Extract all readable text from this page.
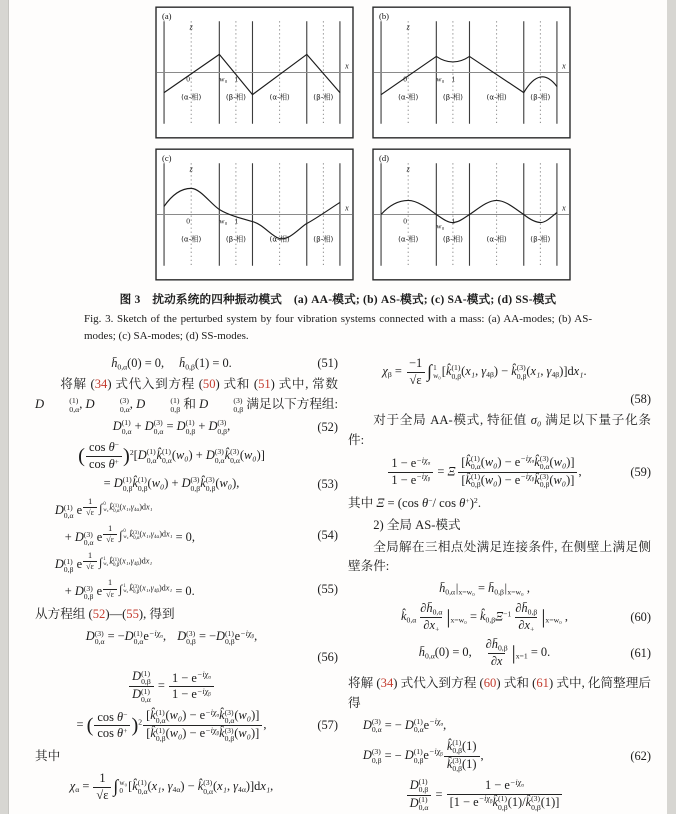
(a)
z
x
0	w₀ 1
(α-相)	(β-相)	(α-相)	(β-相)
(b)
z
x
0	w₀ 1
(α-相)	(β-相)	(α-相)	(β-相)
(c)
z
x
0	w₀ 1
(α-相)	(β-相)	(α-相)	(β-相)
(d)
z
x
0
w₀
1
(α-相)	(β-相)	(α-相)	(β-相)
图 3　扰动系统的四种振动模式　(a) AA-模式; (b) AS-模式; (c) SA-模式; (d) SS-模式
Fig. 3. Sketch of the perturbed system by four vibration systems connected with a mass: (a) AA-modes; (b) AS-modes; (c) SA-modes; (d) SS-modes.
h̄0,α(0) = 0, h̄0,β(1) = 0.	(51)
将解 (34) 式代入到方程 (50) 式和 (51) 式中, 常数 D	(1)
0,α , D	(3)
0,α , D	(1)
0,β 和 D	(3)
0,β 满足以下方程组:
D (1)
0,α + D (3)
0,α = D (1)
0,β + D (3)
0,β ,	(52)
( $\frac{\cos \theta^-}{\cos \theta^+} )^2[D$ (1)
0,α k̂ (1)
0,α (w₀) + D (3)
0,α k̂ (3)
0,α (w₀)]
= D (1)
0,β k̂ (1)
0,β (w₀) + D (3)
0,β k̂ (3)
0,β (w₀),	(53)
D (1)
0,α e $\frac{1}{√\varepsilon}$ ∫ 0
w₀ k̂ (1)
0,α (x₁,γ4α)dx₁
+ D (3)
0,α e $\frac{1}{√\varepsilon}$ ∫ 0
w₀ k̂ (3)
0,α (x₁,γ4α)dx₁ = 0,	(54)
D (1)
0,β e $\frac{1}{√\varepsilon}$ ∫ 1
w₀ k̂ (1)
0,β (x₁,γ4β)dx₁
+ D (3)
0,β e $\frac{1}{√\varepsilon}$ ∫ 1
w₀ k̂ (3)
0,β (x₁,γ4β)dx₁ = 0.	(55)
从方程组 (52)—(55), 得到
D (3)
0,α = −D (1)
0,α e−iχα, D (3)
0,β = −D (1)
0,β e−iχβ,
(56)
D (1)
0,β
D (1)
$0,\alpha = \frac{\text{1 − e−iχα}}{\text{1 − e−iχβ}}$
= ( $\frac{\cos \theta^-}{\cos \theta^+} )^2$ [k̂ (1)
0,α (w₀) − e−iχαk̂ (3)
0,α (w₀)]
[k̂ (1)
0,β (w₀) − e−iχβk̂ (3)
0,β (w₀)] ,	(57)
其中
$\chi\alpha = \frac{1}{√\varepsilon}$ ∫ w₀
0 [k̂ (1)
0,α (x₁, γ4α) − k̂ (3)
0,α (x₁, γ4α)]dx₁,
$\chi\beta = \frac{-1}{√\varepsilon}$ ∫ 1
w₀ [k̂ (1)
0,β (x₁, γ4β) − k̂ (3)
0,β (x₁, γ4β)]dx₁.
(58)
对于全局 AA-模式, 特征值 σ₀ 满足以下量子化条件:
$\frac{\text{1 − e−iχα}}{\text{1 − e−iχβ}} = \Xi$ [k̂ (1)
0,α (w₀) − e−iχαk̂ (3)
0,α (w₀)]
[k̂ (1)
0,β (w₀) − e−iχβk̂ (3)
0,β (w₀)] ,	(59)
其中 Ξ = (cos θ−/ cos θ+)$^2$.
2) 全局 AS-模式
全局解在三相点处满足连接条件, 在侧壁上满足侧壁条件:
h̄0,α|x=w₀ = h̄0,β|x=w₀ ,
k̂0,α $\frac{\partial h̄0,\alpha}{\partial x+} |x=w_0$ = $k̂0,\beta\Xi^{-1} \frac{\partial h̄0,\beta}{\partial x+} |x=w_0$ ,	(60)
h̄0,α(0) = 0, $\frac{\partial h̄0,\beta}{\partial x} |x=1 = 0$.	(61)
将解 (34) 式代入到方程 (60) 式和 (61) 式中, 化简整理后得
D (3)
0,α = − D (1)
0,α e−iχα,
D (3)
0,β = − D (1)
0,β e−iχβ k̂ (1)
0,β (1)
k̂ (3)
0,β (1) ,	(62)
D (1)
0,β
D (1)
0,α = 1 − e−iχα
[1 − e−iχβk̂ (1)
0,β (1)/k̂ (3)
0,β (1)]
